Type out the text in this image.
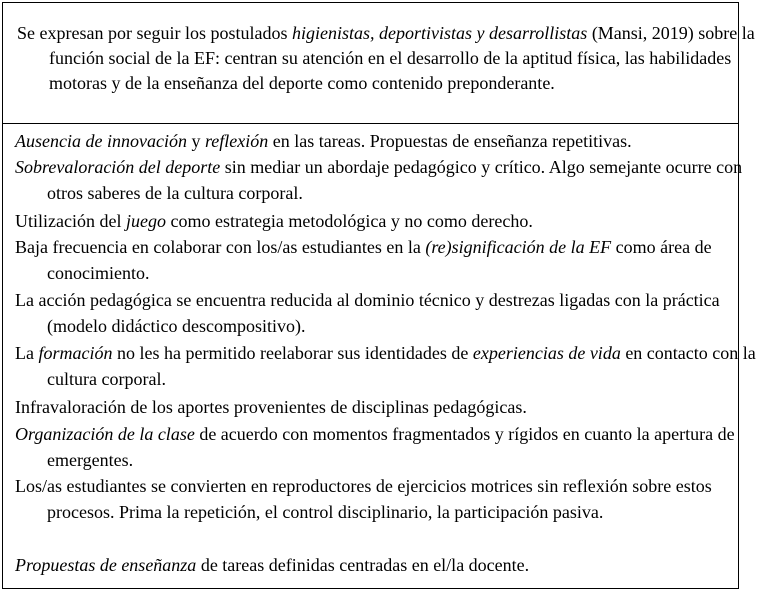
Se expresan por seguir los postulados higienistas, deportivistas y desarrollistas (Mansi, 2019) sobre la función social de la EF: centran su atención en el desarrollo de la aptitud física, las habilidades motoras y de la enseñanza del deporte como contenido preponderante.

Ausencia de innovación y reflexión en las tareas. Propuestas de enseñanza repetitivas.

Sobrevaloración del deporte sin mediar un abordaje pedagógico y crítico. Algo semejante ocurre con otros saberes de la cultura corporal.

Utilización del juego como estrategia metodológica y no como derecho.

Baja frecuencia en colaborar con los/as estudiantes en la (re)significación de la EF como área de conocimiento.

La acción pedagógica se encuentra reducida al dominio técnico y destrezas ligadas con la práctica (modelo didáctico descompositivo).

La formación no les ha permitido reelaborar sus identidades de experiencias de vida en contacto con la cultura corporal.

Infravaloración de los aportes provenientes de disciplinas pedagógicas.

Organización de la clase de acuerdo con momentos fragmentados y rígidos en cuanto la apertura de emergentes.

Los/as estudiantes se convierten en reproductores de ejercicios motrices sin reflexión sobre estos procesos. Prima la repetición, el control disciplinario, la participación pasiva.

Propuestas de enseñanza de tareas definidas centradas en el/la docente.
